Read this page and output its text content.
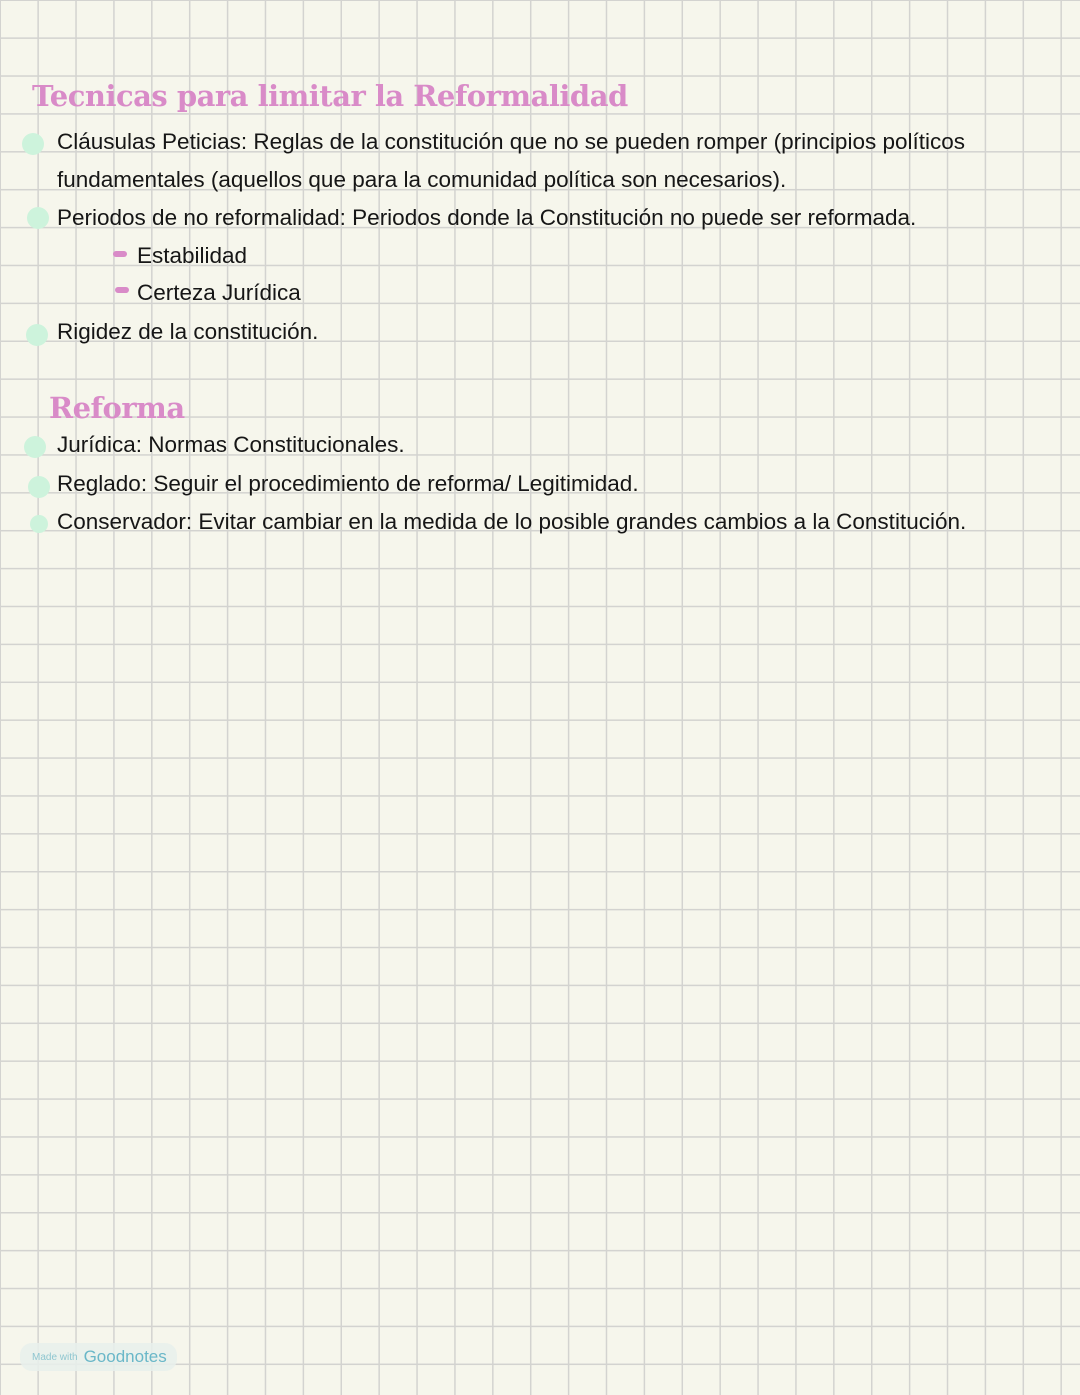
Tecnicas para limitar la Reformalidad
Cláusulas Peticias: Reglas de la constitución que no se pueden romper (principios políticos
fundamentales (aquellos que para la comunidad política son necesarios).
Periodos de no reformalidad: Periodos donde la Constitución no puede ser reformada.
Estabilidad
Certeza Jurídica
Rigidez de la constitución.
Reforma
Jurídica: Normas Constitucionales.
Reglado: Seguir el procedimiento de reforma/ Legitimidad.
Conservador: Evitar cambiar en la medida de lo posible grandes cambios a la Constitución.
Made with Goodnotes
